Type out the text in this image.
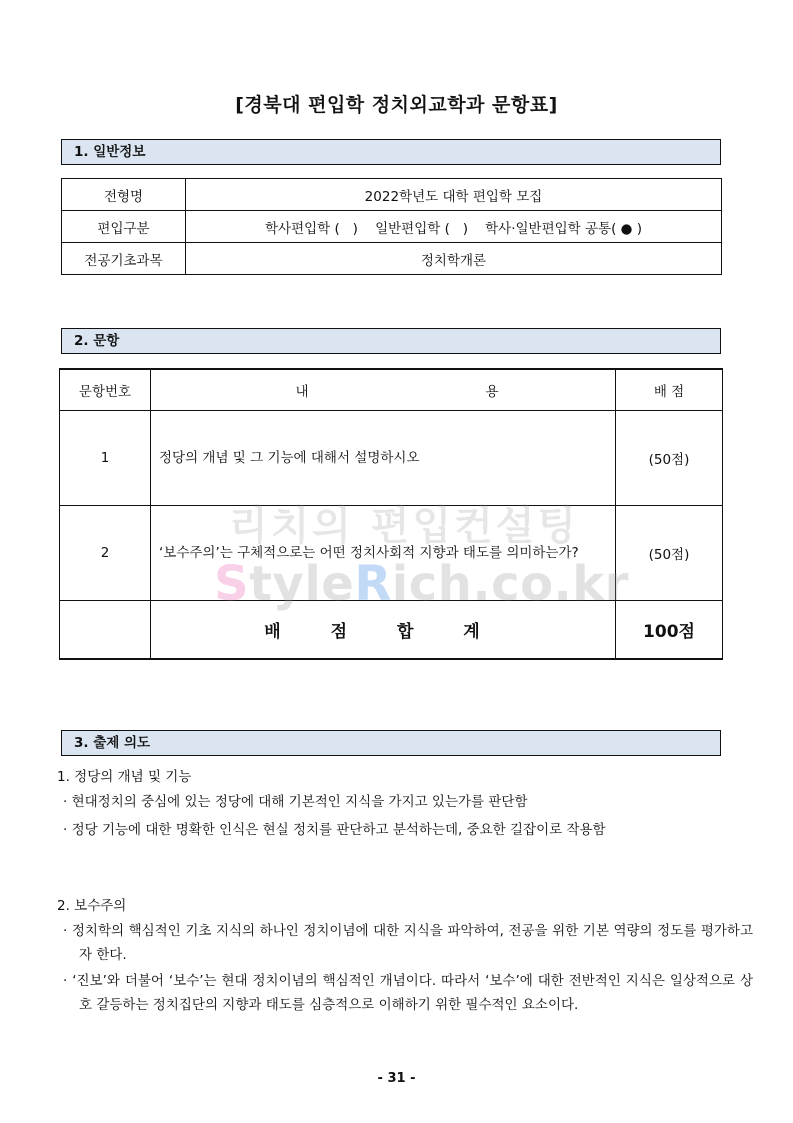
[경북대 편입학 정치외교학과 문항표]
1. 일반정보
전형명	2022학년도 대학 편입학 모집
편입구분	학사편입학 (   )    일반편입학 (   )    학사·일반편입학 공통( ● )
전공기초과목	정치학개론
2. 문항
문항번호	내 용	배 점
1	정당의 개념 및 그 기능에 대해서 설명하시오	(50점)
2	‘보수주의’는 구체적으로는 어떤 정치사회적 지향과 태도를 의미하는가?	(50점)
	배 점 합 계	100점
리치의 편입컨설팅
StyleRich.co.kr
3. 출제 의도

1. 정당의 개념 및 기능

· 현대정치의 중심에 있는 정당에 대해 기본적인 지식을 가지고 있는가를 판단함
· 정당 기능에 대한 명확한 인식은 현실 정치를 판단하고 분석하는데, 중요한 길잡이로 작용함

2. 보수주의

· 정치학의 핵심적인 기초 지식의 하나인 정치이념에 대한 지식을 파악하여, 전공을 위한 기본 역량의 정도를 평가하고자 한다.
· ‘진보’와 더불어 ‘보수’는 현대 정치이념의 핵심적인 개념이다. 따라서 ‘보수’에 대한 전반적인 지식은 일상적으로 상호 갈등하는 정치집단의 지향과 태도를 심층적으로 이해하기 위한 필수적인 요소이다.
- 31 -
